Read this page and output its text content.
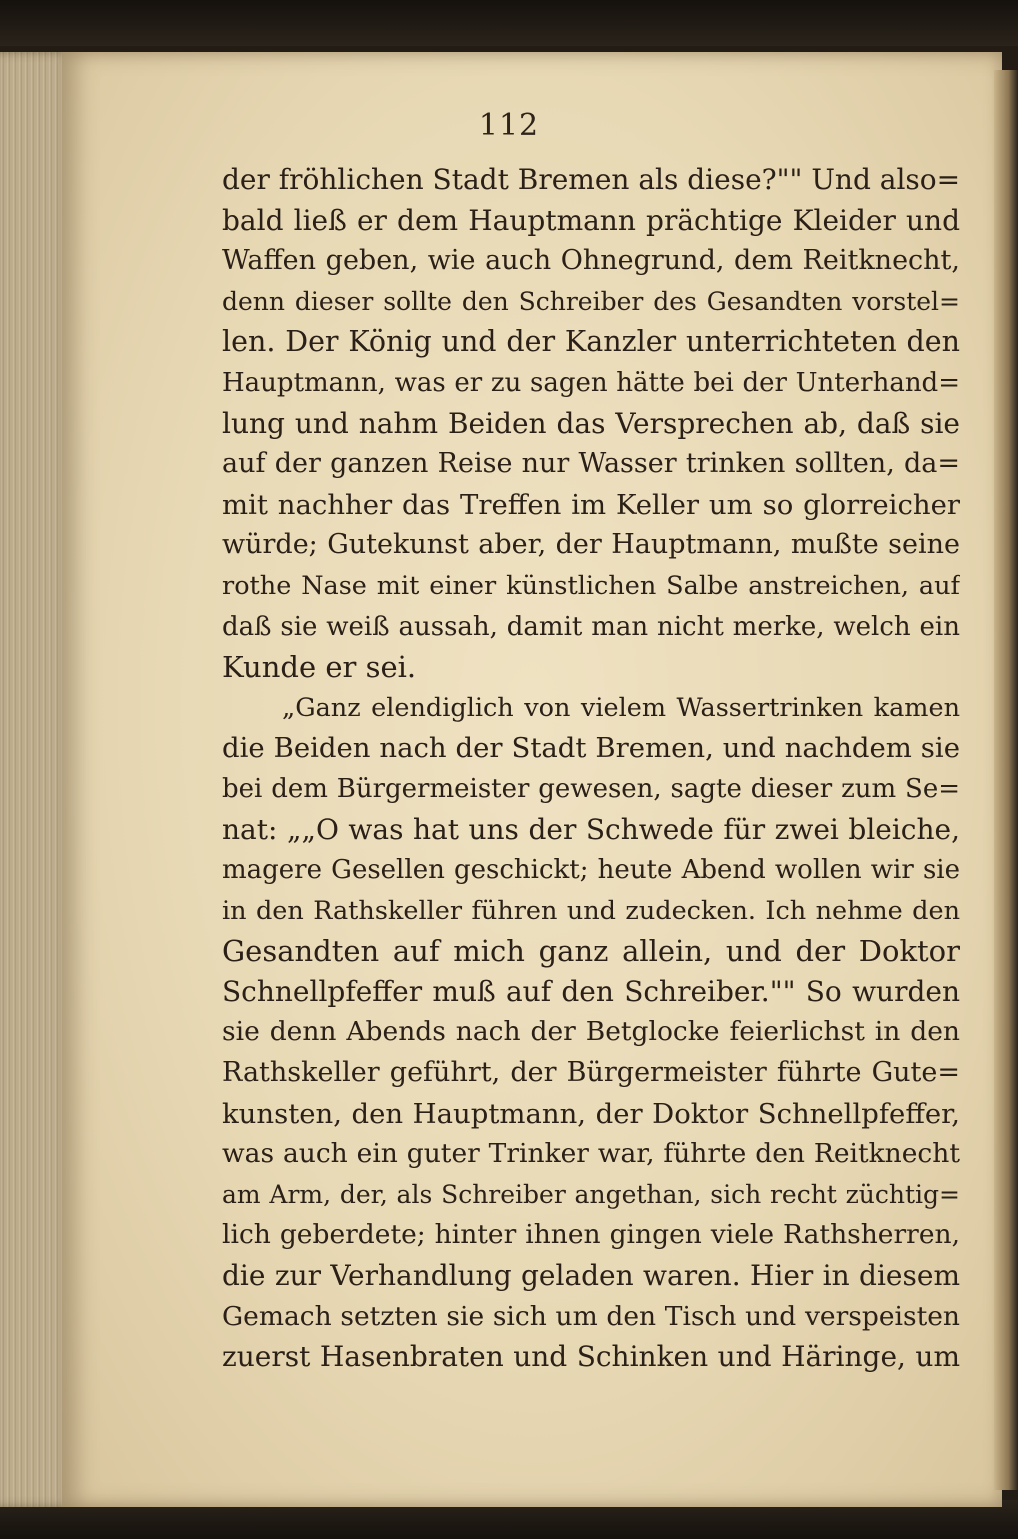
112
der fröhlichen Stadt Bremen als diese?"" Und also=
bald ließ er dem Hauptmann prächtige Kleider und
Waffen geben, wie auch Ohnegrund, dem Reitknecht,
denn dieser sollte den Schreiber des Gesandten vorstel=
len. Der König und der Kanzler unterrichteten den
Hauptmann, was er zu sagen hätte bei der Unterhand=
lung und nahm Beiden das Versprechen ab, daß sie
auf der ganzen Reise nur Wasser trinken sollten, da=
mit nachher das Treffen im Keller um so glorreicher
würde; Gutekunst aber, der Hauptmann, mußte seine
rothe Nase mit einer künstlichen Salbe anstreichen, auf
daß sie weiß aussah, damit man nicht merke, welch ein
Kunde er sei.
„Ganz elendiglich von vielem Wassertrinken kamen
die Beiden nach der Stadt Bremen, und nachdem sie
bei dem Bürgermeister gewesen, sagte dieser zum Se=
nat: „„O was hat uns der Schwede für zwei bleiche,
magere Gesellen geschickt; heute Abend wollen wir sie
in den Rathskeller führen und zudecken. Ich nehme den
Gesandten auf mich ganz allein, und der Doktor
Schnellpfeffer muß auf den Schreiber."" So wurden
sie denn Abends nach der Betglocke feierlichst in den
Rathskeller geführt, der Bürgermeister führte Gute=
kunsten, den Hauptmann, der Doktor Schnellpfeffer,
was auch ein guter Trinker war, führte den Reitknecht
am Arm, der, als Schreiber angethan, sich recht züchtig=
lich geberdete; hinter ihnen gingen viele Rathsherren,
die zur Verhandlung geladen waren. Hier in diesem
Gemach setzten sie sich um den Tisch und verspeisten
zuerst Hasenbraten und Schinken und Häringe, um
